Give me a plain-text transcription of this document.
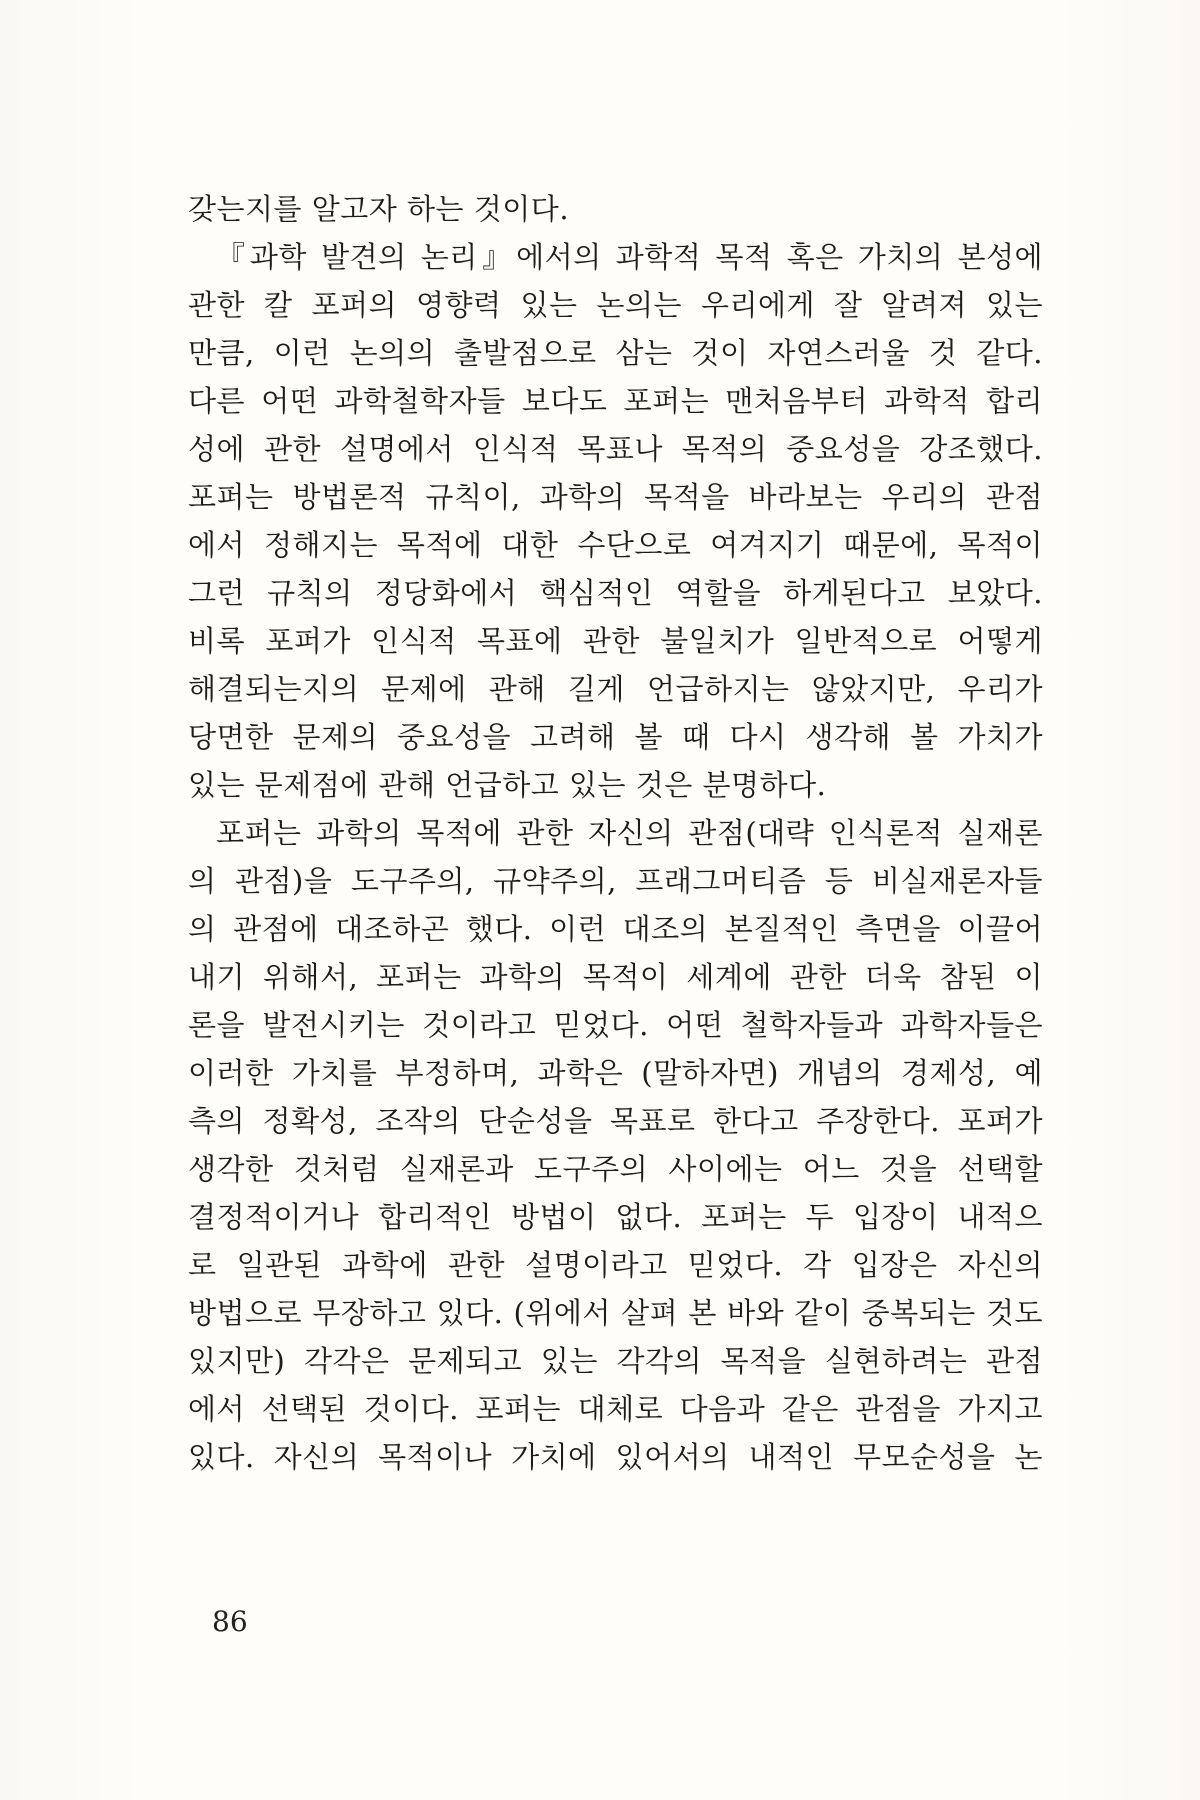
갖는지를 알고자 하는 것이다.
『과학 발견의 논리』에서의 과학적 목적 혹은 가치의 본성에
관한 칼 포퍼의 영향력 있는 논의는 우리에게 잘 알려져 있는
만큼, 이런 논의의 출발점으로 삼는 것이 자연스러울 것 같다.
다른 어떤 과학철학자들 보다도 포퍼는 맨처음부터 과학적 합리
성에 관한 설명에서 인식적 목표나 목적의 중요성을 강조했다.
포퍼는 방법론적 규칙이, 과학의 목적을 바라보는 우리의 관점
에서 정해지는 목적에 대한 수단으로 여겨지기 때문에, 목적이
그런 규칙의 정당화에서 핵심적인 역할을 하게된다고 보았다.
비록 포퍼가 인식적 목표에 관한 불일치가 일반적으로 어떻게
해결되는지의 문제에 관해 길게 언급하지는 않았지만, 우리가
당면한 문제의 중요성을 고려해 볼 때 다시 생각해 볼 가치가
있는 문제점에 관해 언급하고 있는 것은 분명하다.
포퍼는 과학의 목적에 관한 자신의 관점(대략 인식론적 실재론
의 관점)을 도구주의, 규약주의, 프래그머티즘 등 비실재론자들
의 관점에 대조하곤 했다. 이런 대조의 본질적인 측면을 이끌어
내기 위해서, 포퍼는 과학의 목적이 세계에 관한 더욱 참된 이
론을 발전시키는 것이라고 믿었다. 어떤 철학자들과 과학자들은
이러한 가치를 부정하며, 과학은 (말하자면) 개념의 경제성, 예
측의 정확성, 조작의 단순성을 목표로 한다고 주장한다. 포퍼가
생각한 것처럼 실재론과 도구주의 사이에는 어느 것을 선택할
결정적이거나 합리적인 방법이 없다. 포퍼는 두 입장이 내적으
로 일관된 과학에 관한 설명이라고 믿었다. 각 입장은 자신의
방법으로 무장하고 있다. (위에서 살펴 본 바와 같이 중복되는 것도
있지만) 각각은 문제되고 있는 각각의 목적을 실현하려는 관점
에서 선택된 것이다. 포퍼는 대체로 다음과 같은 관점을 가지고
있다. 자신의 목적이나 가치에 있어서의 내적인 무모순성을 논
86
